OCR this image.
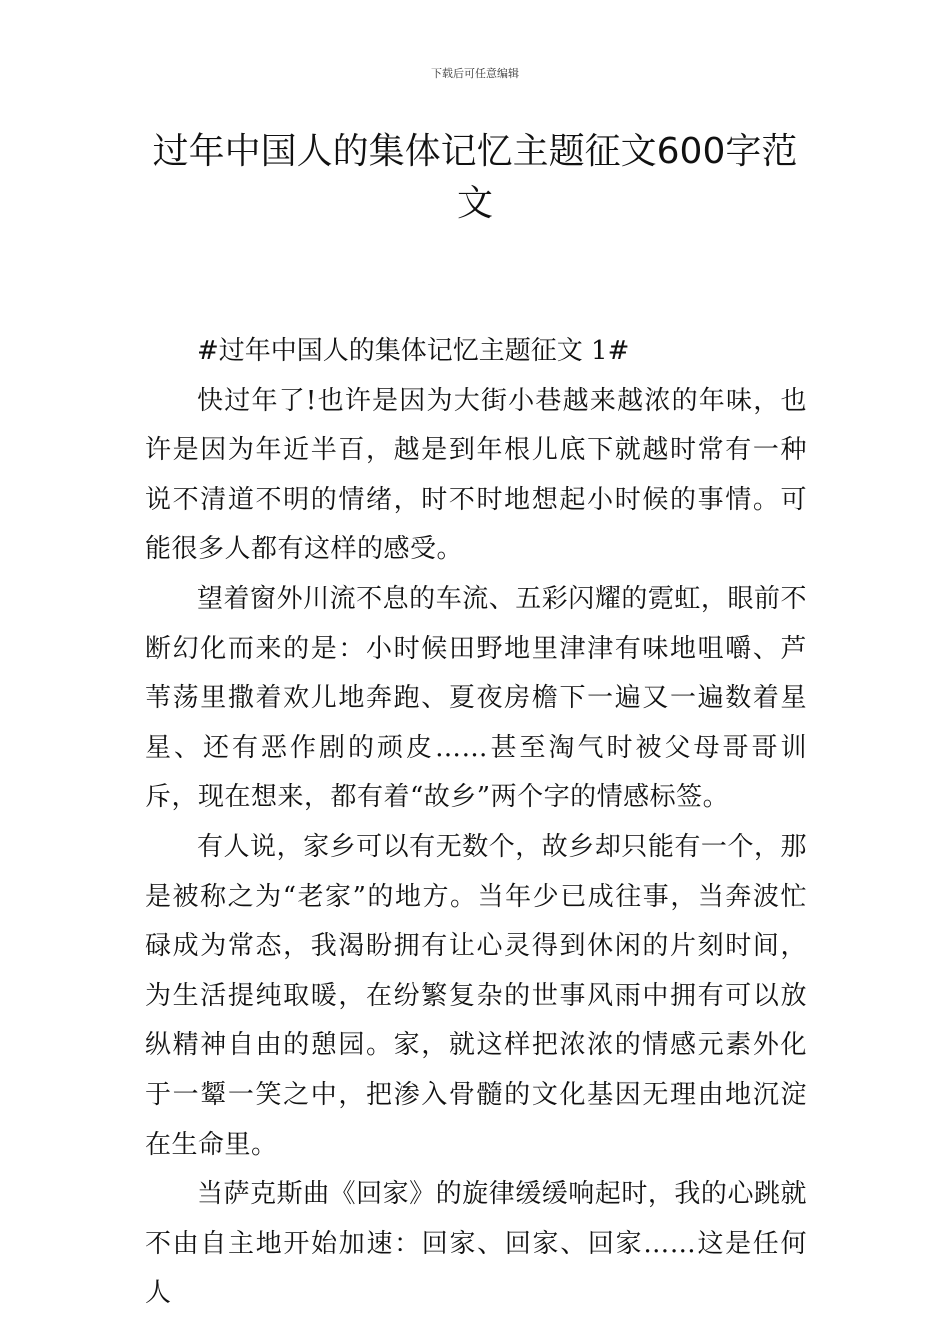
下载后可任意编辑
过年中国人的集体记忆主题征文600字范文

#过年中国人的集体记忆主题征文 1#

快过年了!也许是因为大街小巷越来越浓的年味，也许是因为年近半百，越是到年根儿底下就越时常有一种说不清道不明的情绪，时不时地想起小时候的事情。可能很多人都有这样的感受。

望着窗外川流不息的车流、五彩闪耀的霓虹，眼前不断幻化而来的是：小时候田野地里津津有味地咀嚼、芦苇荡里撒着欢儿地奔跑、夏夜房檐下一遍又一遍数着星星、还有恶作剧的顽皮……甚至淘气时被父母哥哥训斥，现在想来，都有着“故乡”两个字的情感标签。

有人说，家乡可以有无数个，故乡却只能有一个，那是被称之为“老家”的地方。当年少已成往事，当奔波忙碌成为常态，我渴盼拥有让心灵得到休闲的片刻时间，为生活提纯取暖，在纷繁复杂的世事风雨中拥有可以放纵精神自由的憩园。家，就这样把浓浓的情感元素外化于一颦一笑之中，把渗入骨髓的文化基因无理由地沉淀在生命里。

当萨克斯曲《回家》的旋律缓缓响起时，我的心跳就不由自主地开始加速：回家、回家、回家……这是任何人
